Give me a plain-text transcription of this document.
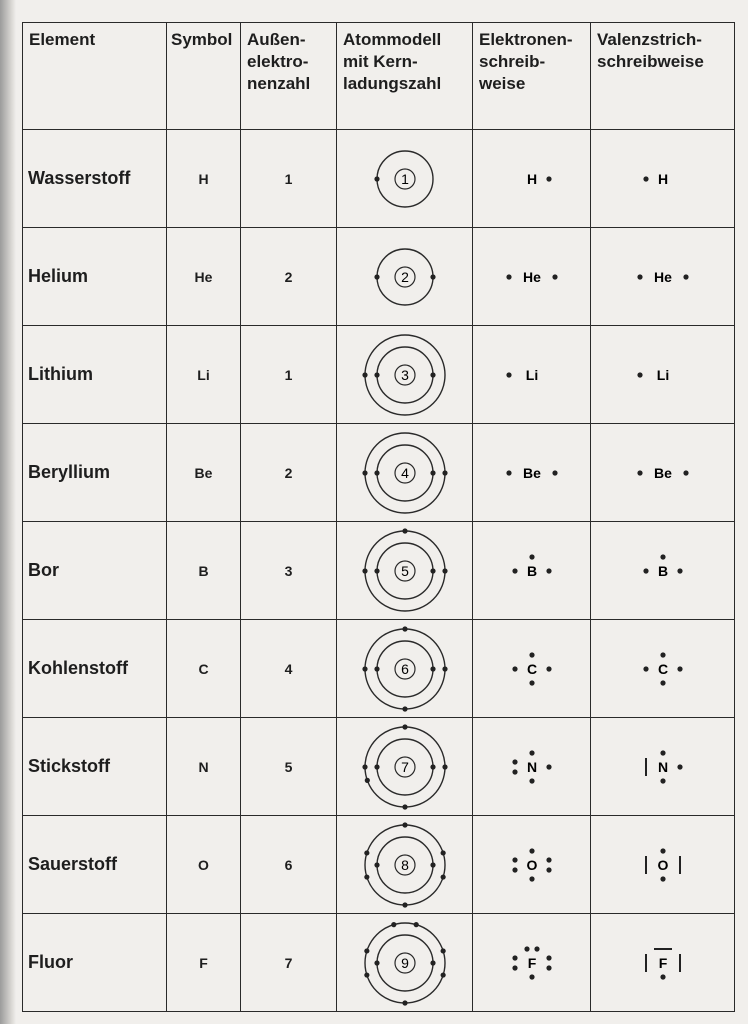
Element	Symbol	Außen-
elektro-
nenzahl	Atommodell
mit Kern-
ladungszahl	Elektronen-
schreib-
weise	Valenzstrich-
schreibweise
Wasserstoff	H	1	1	H	H

Helium	He	2	2	He	He

Lithium	Li	1	3	Li	Li

Beryllium	Be	2	4	Be	Be

Bor	B	3	5	B	B

Kohlenstoff	C	4	6	C	C

Stickstoff	N	5	7	N	N

Sauerstoff	O	6	8	O	O

Fluor	F	7	9	F	F
